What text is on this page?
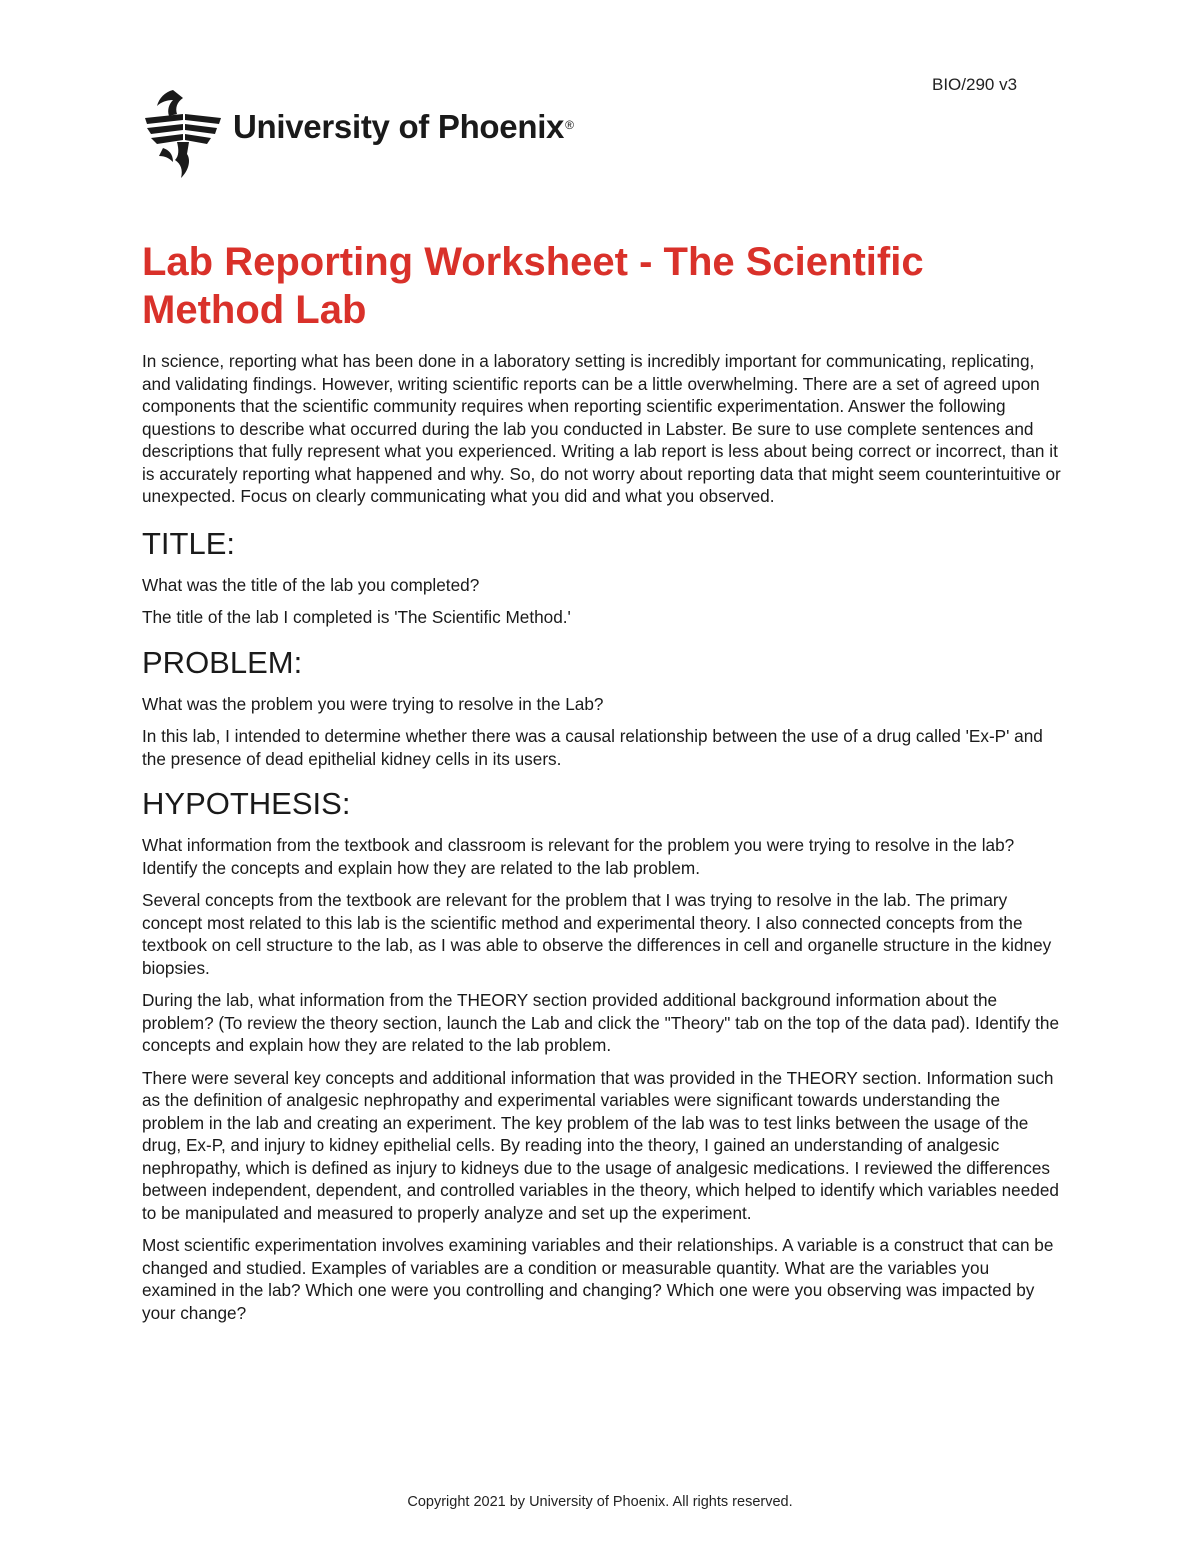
BIO/290 v3
University of Phoenix®
Lab Reporting Worksheet - The Scientific Method Lab

In science, reporting what has been done in a laboratory setting is incredibly important for communicating, replicating, and validating findings. However, writing scientific reports can be a little overwhelming. There are a set of agreed upon components that the scientific community requires when reporting scientific experimentation. Answer the following questions to describe what occurred during the lab you conducted in Labster. Be sure to use complete sentences and descriptions that fully represent what you experienced. Writing a lab report is less about being correct or incorrect, than it is accurately reporting what happened and why. So, do not worry about reporting data that might seem counterintuitive or unexpected. Focus on clearly communicating what you did and what you observed.

TITLE:

What was the title of the lab you completed?

The title of the lab I completed is 'The Scientific Method.'

PROBLEM:

What was the problem you were trying to resolve in the Lab?

In this lab, I intended to determine whether there was a causal relationship between the use of a drug called 'Ex-P' and the presence of dead epithelial kidney cells in its users.

HYPOTHESIS:

What information from the textbook and classroom is relevant for the problem you were trying to resolve in the lab? Identify the concepts and explain how they are related to the lab problem.

Several concepts from the textbook are relevant for the problem that I was trying to resolve in the lab. The primary concept most related to this lab is the scientific method and experimental theory. I also connected concepts from the textbook on cell structure to the lab, as I was able to observe the differences in cell and organelle structure in the kidney biopsies.

During the lab, what information from the THEORY section provided additional background information about the problem? (To review the theory section, launch the Lab and click the "Theory" tab on the top of the data pad). Identify the concepts and explain how they are related to the lab problem.

There were several key concepts and additional information that was provided in the THEORY section. Information such as the definition of analgesic nephropathy and experimental variables were significant towards understanding the problem in the lab and creating an experiment. The key problem of the lab was to test links between the usage of the drug, Ex-P, and injury to kidney epithelial cells. By reading into the theory, I gained an understanding of analgesic nephropathy, which is defined as injury to kidneys due to the usage of analgesic medications. I reviewed the differences between independent, dependent, and controlled variables in the theory, which helped to identify which variables needed to be manipulated and measured to properly analyze and set up the experiment.

Most scientific experimentation involves examining variables and their relationships. A variable is a construct that can be changed and studied. Examples of variables are a condition or measurable quantity. What are the variables you examined in the lab? Which one were you controlling and changing? Which one were you observing was impacted by your change?

Copyright 2021 by University of Phoenix. All rights reserved.
